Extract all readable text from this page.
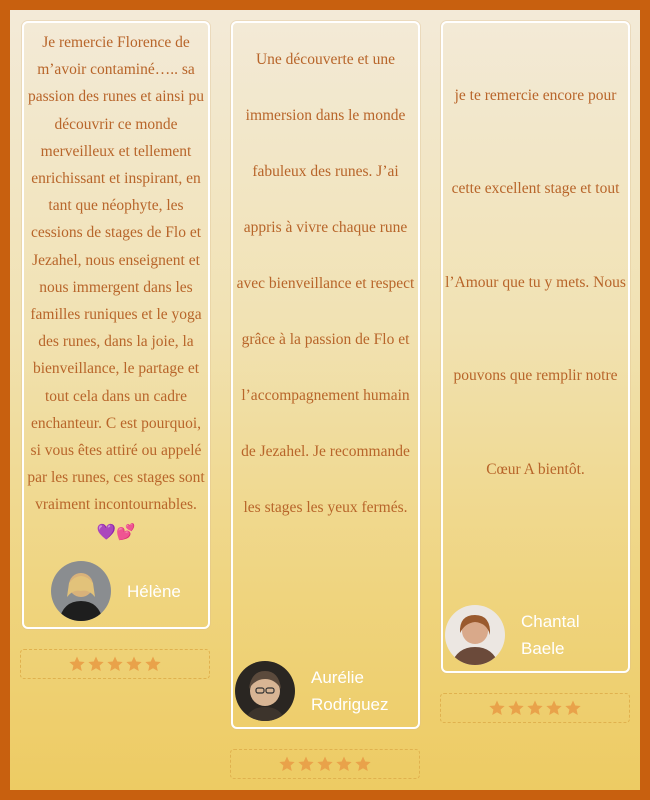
Je remercie Florence de m’avoir contaminé….. sa passion des runes et ainsi pu découvrir ce monde merveilleux et tellement enrichissant et inspirant, en tant que néophyte, les cessions de stages de Flo et Jezahel, nous enseignent et nous immergent dans les familles runiques et le yoga des runes, dans la joie, la bienveillance, le partage et tout cela dans un cadre enchanteur. C est pourquoi, si vous êtes attiré ou appelé par les runes, ces stages sont vraiment incontournables.💜💕

Hélène

Une découverte et une immersion dans le monde fabuleux des runes. J’ai appris à vivre chaque rune avec bienveillance et respect grâce à la passion de Flo et l’accompagnement humain de Jezahel. Je recommande les stages les yeux fermés.

Aurélie Rodriguez

je te remercie encore pour cette excellent stage et tout l’Amour que tu y mets. Nous pouvons que remplir notre Cœur A bientôt.

Chantal Baele
